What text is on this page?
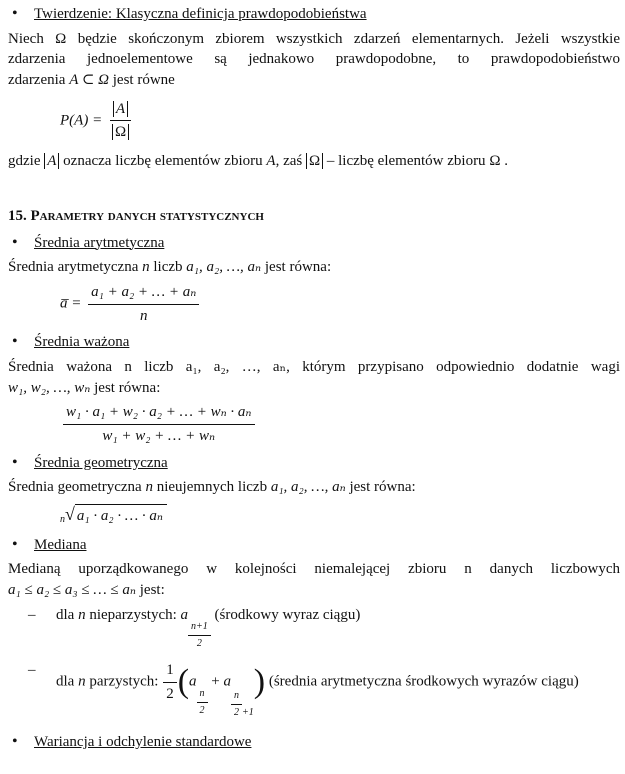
• Twierdzenie: Klasyczna definicja prawdopodobieństwa

Niech Ω będzie skończonym zbiorem wszystkich zdarzeń elementarnych. Jeżeli wszystkie

zdarzenia jednoelementowe są jednakowo prawdopodobne, to prawdopodobieństwo

zdarzenia A ⊂ Ω jest równe

$P(A) = \frac{A}{\Omega}$

gdzie A oznacza liczbę elementów zbioru A, zaś Ω – liczbę elementów zbioru Ω .

15. Parametry danych statystycznych
• Średnia arytmetyczna

Średnia arytmetyczna n liczb a₁, a₂, …, aₙ jest równa:

a̅ = $\frac{\text{a₁ + a₂ + … + aₙ}}{n}$
• Średnia ważona

Średnia ważona n liczb a₁, a₂, …, aₙ, którym przypisano odpowiednio dodatnie wagi

w₁, w₂, …, wₙ jest równa:

$\frac{\text{w₁ · a₁ + w₂ · a₂ + … + wₙ · aₙ}}{\text{w₁ + w₂ + … + wₙ}}$
• Średnia geometryczna

Średnia geometryczna n nieujemnych liczb a₁, a₂, …, aₙ jest równa:

n √ a₁ · a₂ · … · aₙ
• Mediana

Medianą uporządkowanego w kolejności niemalejącej zbioru n danych liczbowych

a₁ ≤ a₂ ≤ a₃ ≤ … ≤ aₙ jest:

– dla n nieparzystych: a
$\frac{n+1}{2}$
(środkowy wyraz ciągu)
– dla n parzystych: $\frac{1}{2} (a$
$\frac{n}{2}$
+ a
$\frac{n}{2} +1$
) (średnia arytmetyczna środkowych wyrazów ciągu)
• Wariancja i odchylenie standardowe
